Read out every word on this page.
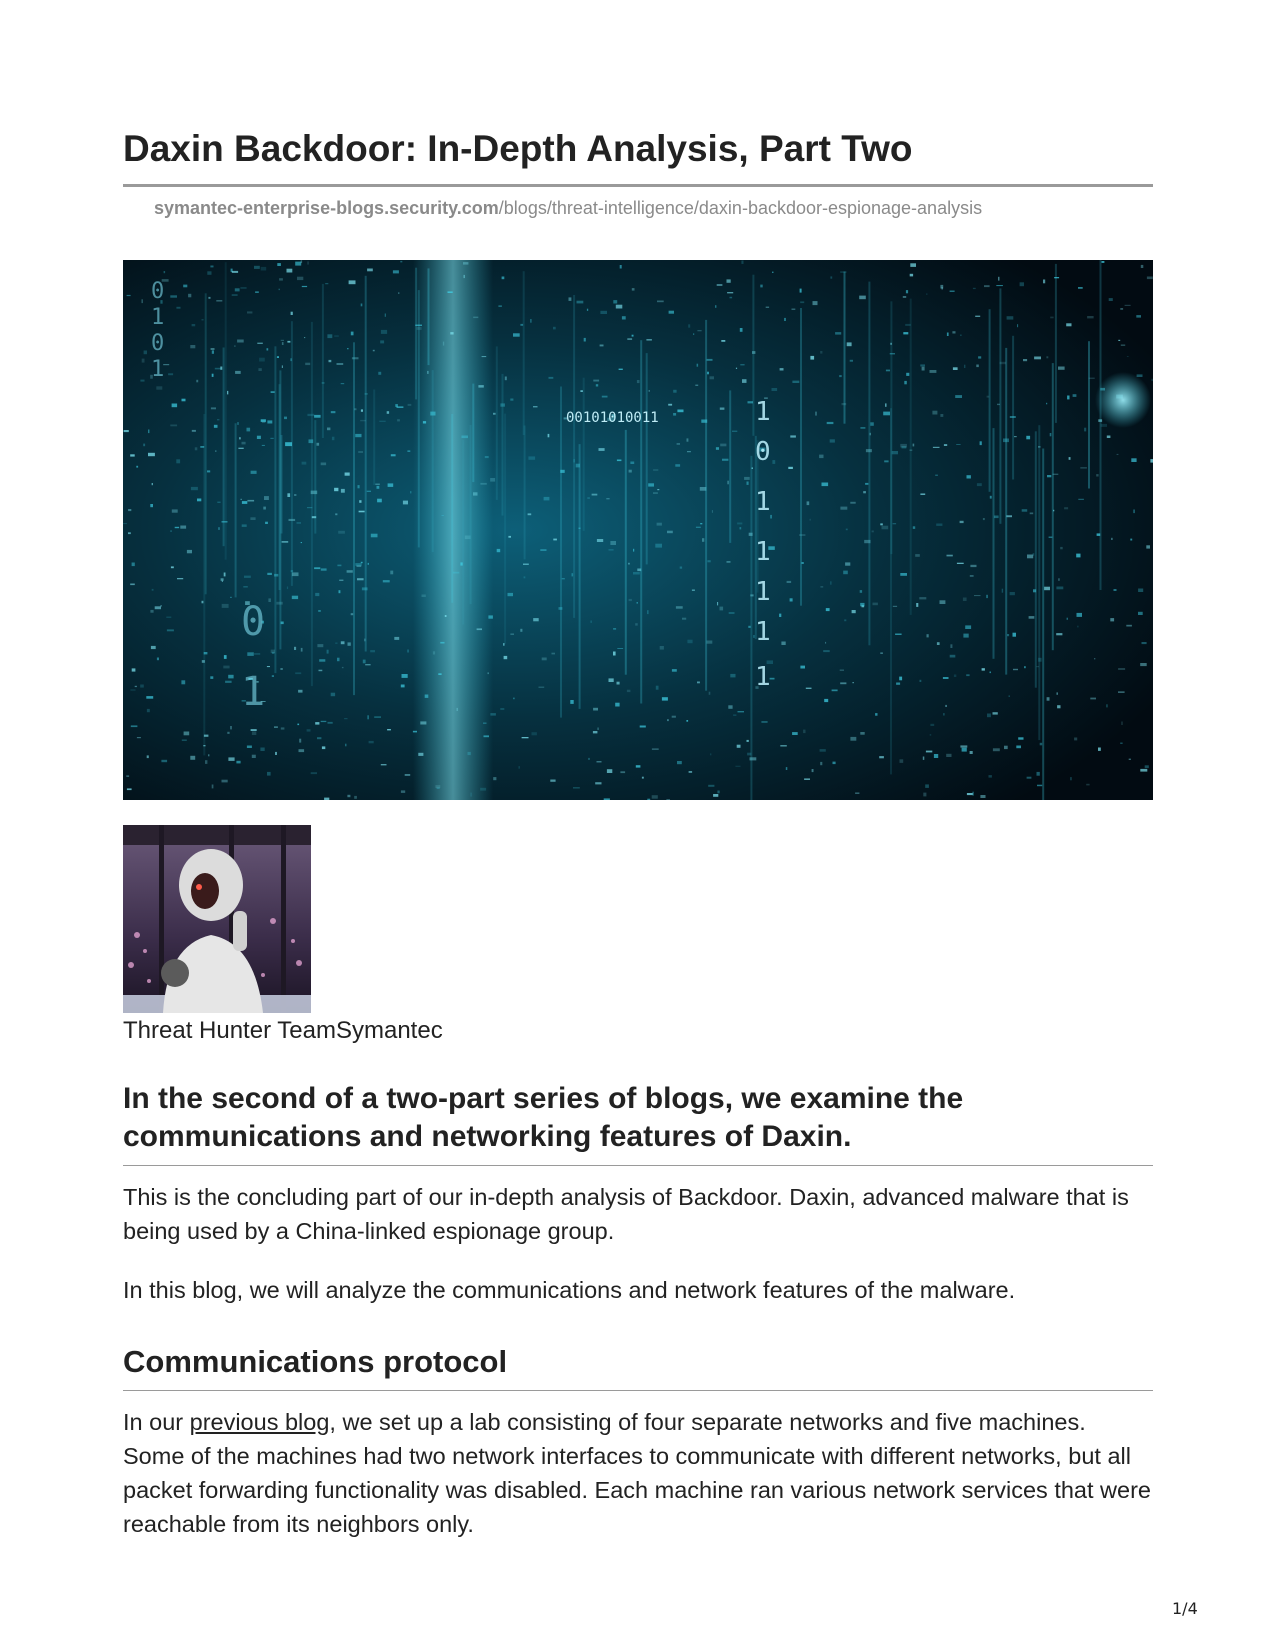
Daxin Backdoor: In-Depth Analysis, Part Two
symantec-enterprise-blogs.security.com/blogs/threat-intelligence/daxin-backdoor-espionage-analysis
00101010011	1
0
1
1
1
1
1
0
1
0
1
0
1
Threat Hunter TeamSymantec
In the second of a two-part series of blogs, we examine the communications and networking features of Daxin.

This is the concluding part of our in-depth analysis of Backdoor. Daxin, advanced malware that is being used by a China-linked espionage group.

In this blog, we will analyze the communications and network features of the malware.

Communications protocol

In our previous blog, we set up a lab consisting of four separate networks and five machines. Some of the machines had two network interfaces to communicate with different networks, but all packet forwarding functionality was disabled. Each machine ran various network services that were reachable from its neighbors only.

1/4
